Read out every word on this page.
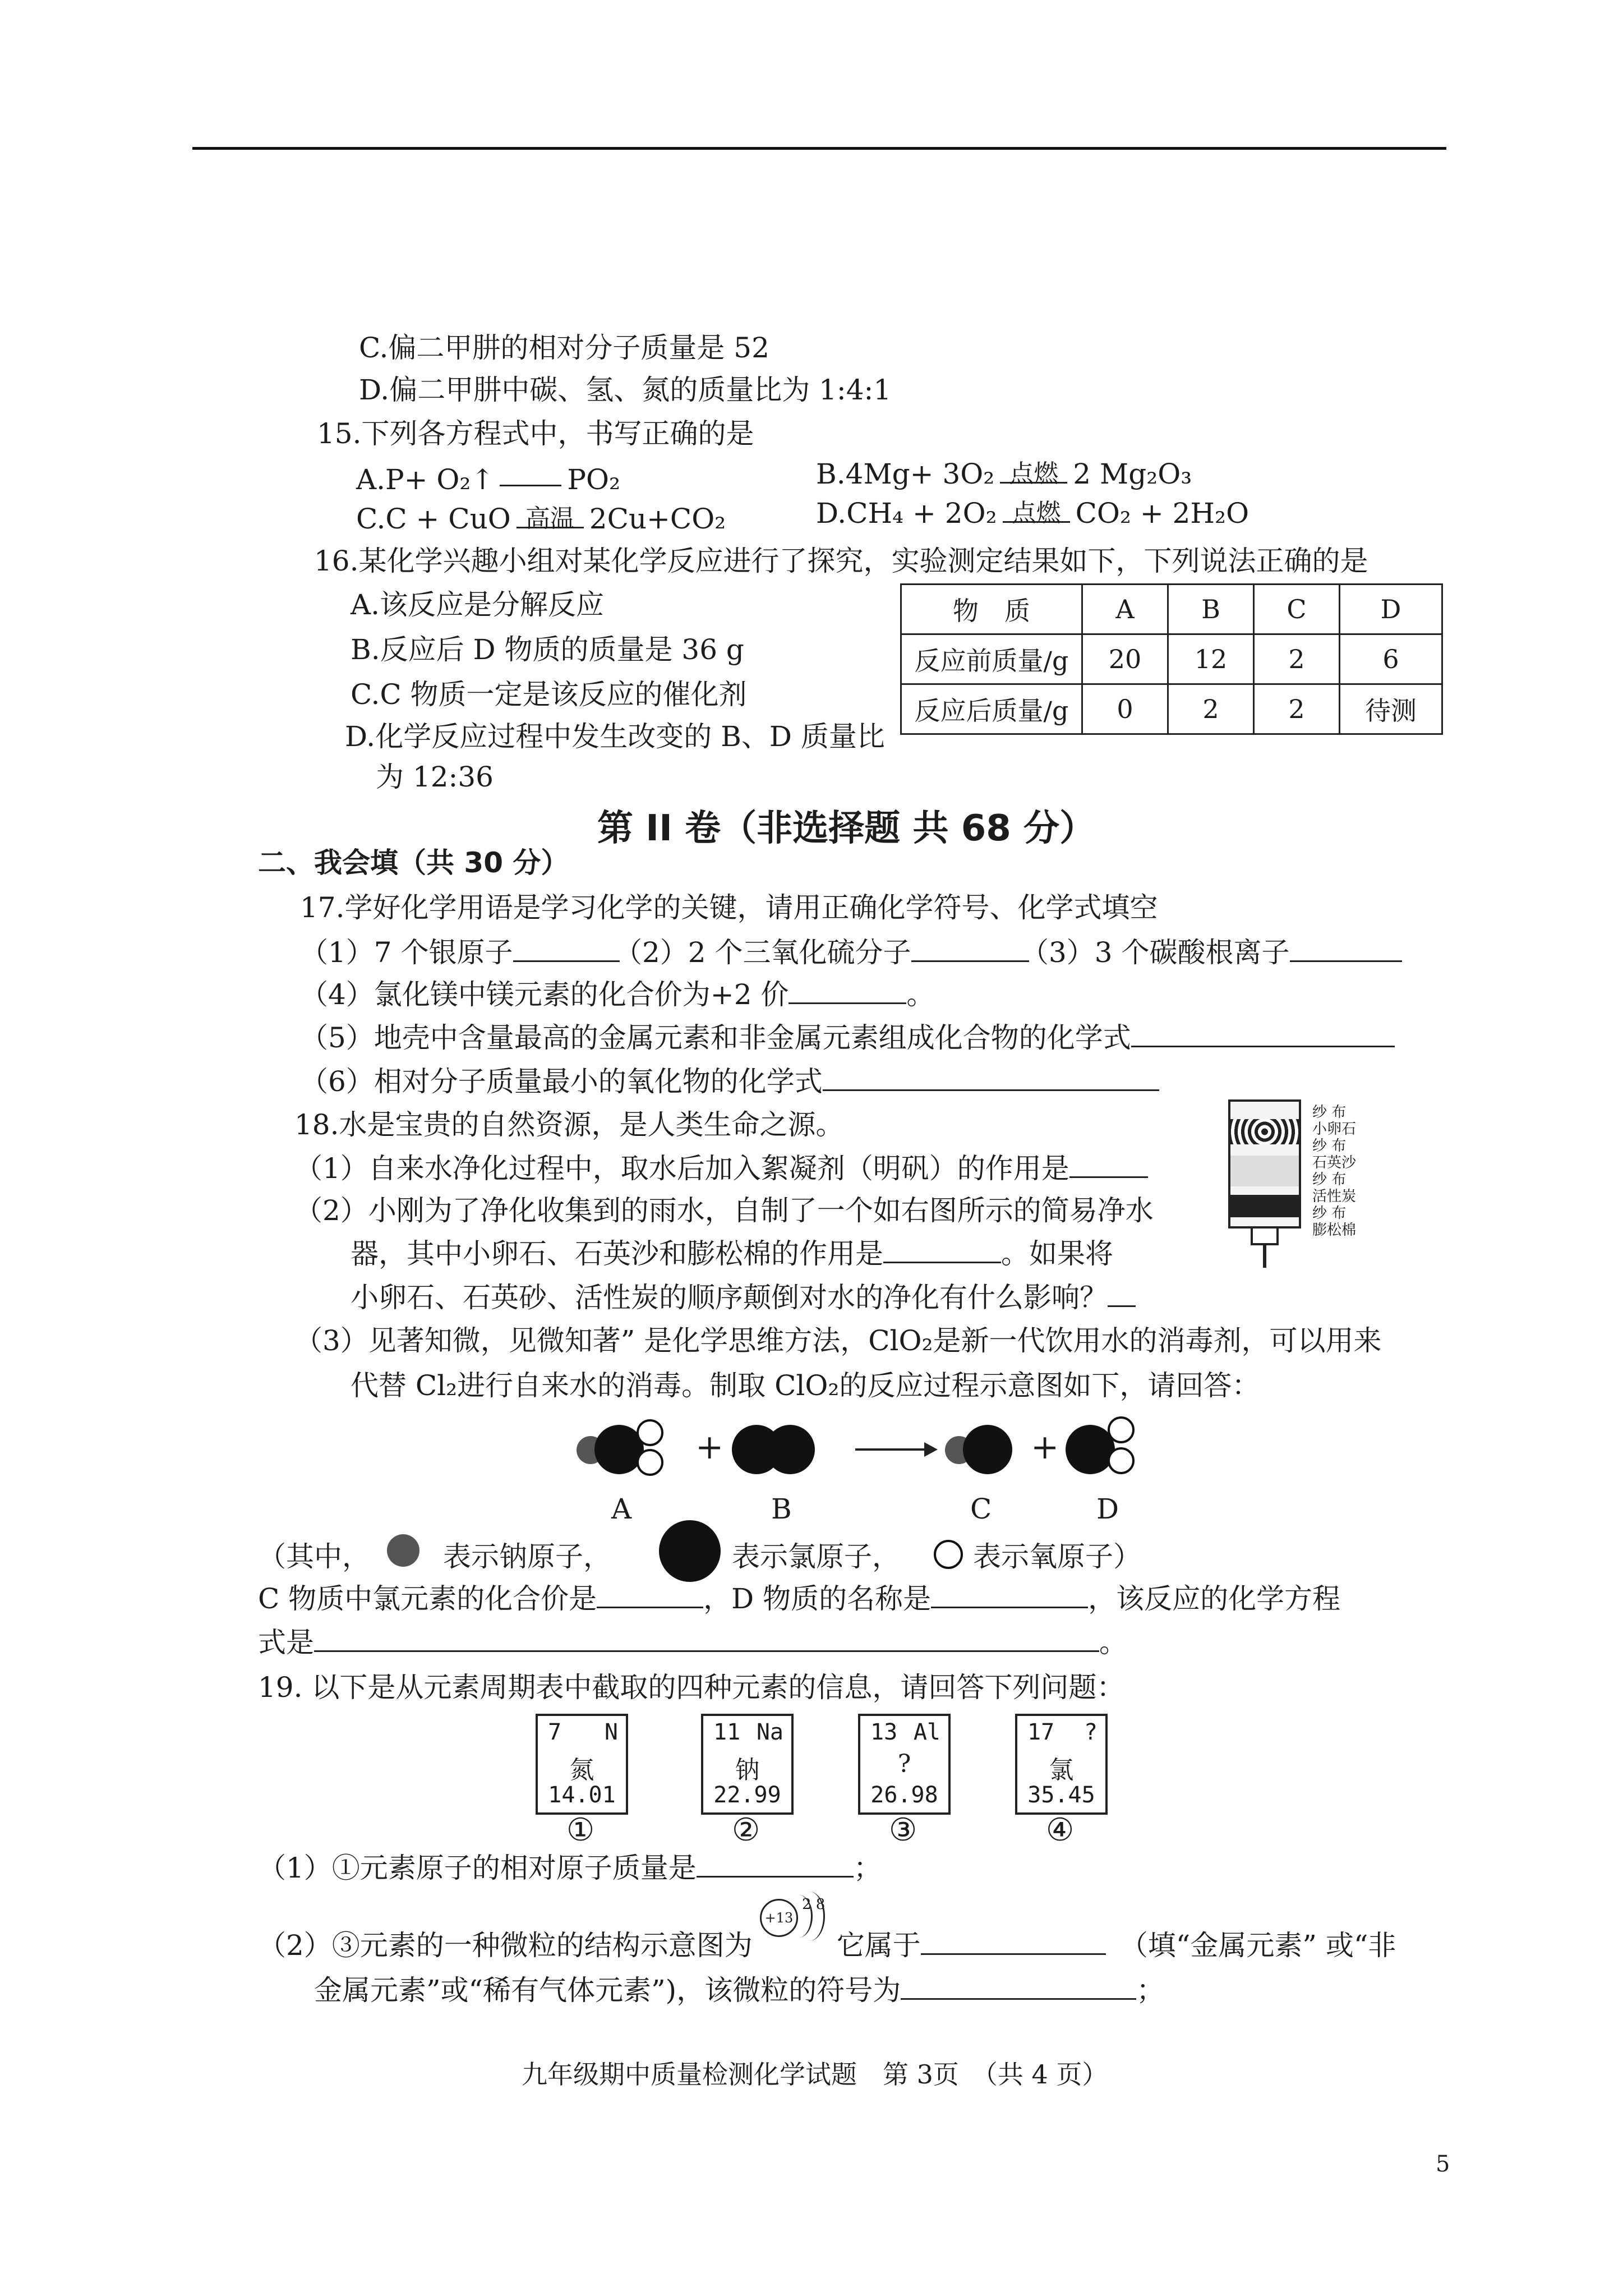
C.偏二甲肼的相对分子质量是 52
D.偏二甲肼中碳、氢、氮的质量比为 1:4:1
15.下列各方程式中，书写正确的是
A.P+ O₂↑	PO₂	B.4Mg+ 3O₂ 点燃 2 Mg₂O₃
C.C + CuO 高温 2Cu+CO₂	D.CH₄ + 2O₂ 点燃 CO₂ + 2H₂O
16.某化学兴趣小组对某化学反应进行了探究，实验测定结果如下，下列说法正确的是
A.该反应是分解反应
B.反应后 D 物质的质量是 36 g
C.C 物质一定是该反应的催化剂
D.化学反应过程中发生改变的 B、D 质量比
为 12:36
物　质	A	B	C	D
反应前质量/g	20	12	2	6
反应后质量/g	0	2	2	待测
第 II 卷（非选择题 共 68 分）
二、我会填（共 30 分）
17.学好化学用语是学习化学的关键，请用正确化学符号、化学式填空
（1）7 个银原子	（2）2 个三氧化硫分子	（3）3 个碳酸根离子
（4）氯化镁中镁元素的化合价为+2 价	。
（5）地壳中含量最高的金属元素和非金属元素组成化合物的化学式
（6）相对分子质量最小的氧化物的化学式
18.水是宝贵的自然资源，是人类生命之源。
（1）自来水净化过程中，取水后加入絮凝剂（明矾）的作用是
（2）小刚为了净化收集到的雨水，自制了一个如右图所示的简易净水
器，其中小卵石、石英沙和膨松棉的作用是	。如果将
小卵石、石英砂、活性炭的顺序颠倒对水的净化有什么影响？
纱 布
小卵石
纱 布
石英沙
纱 布
活性炭
纱 布
膨松棉
（3）见著知微，见微知著” 是化学思维方法，ClO₂是新一代饮用水的消毒剂，可以用来
代替 Cl₂进行自来水的消毒。制取 ClO₂的反应过程示意图如下，请回答：
+	+
A	B	C	D
（其中，	表示钠原子，	表示氯原子，	表示氧原子）
C 物质中氯元素的化合价是	，D 物质的名称是	，该反应的化学方程
式是	。
19. 以下是从元素周期表中截取的四种元素的信息，请回答下列问题：
7 N
氮
14.01
11 Na
钠
22.99
13 Al
?
26.98
17 ?
氯
35.45
①	②	③	④
（1）①元素原子的相对原子质量是	；
+13
2 8
（2）③元素的一种微粒的结构示意图为	它属于	（填“金属元素” 或“非
金属元素”或“稀有气体元素”)，该微粒的符号为	；
九年级期中质量检测化学试题　第 3页　（共 4 页）
5
